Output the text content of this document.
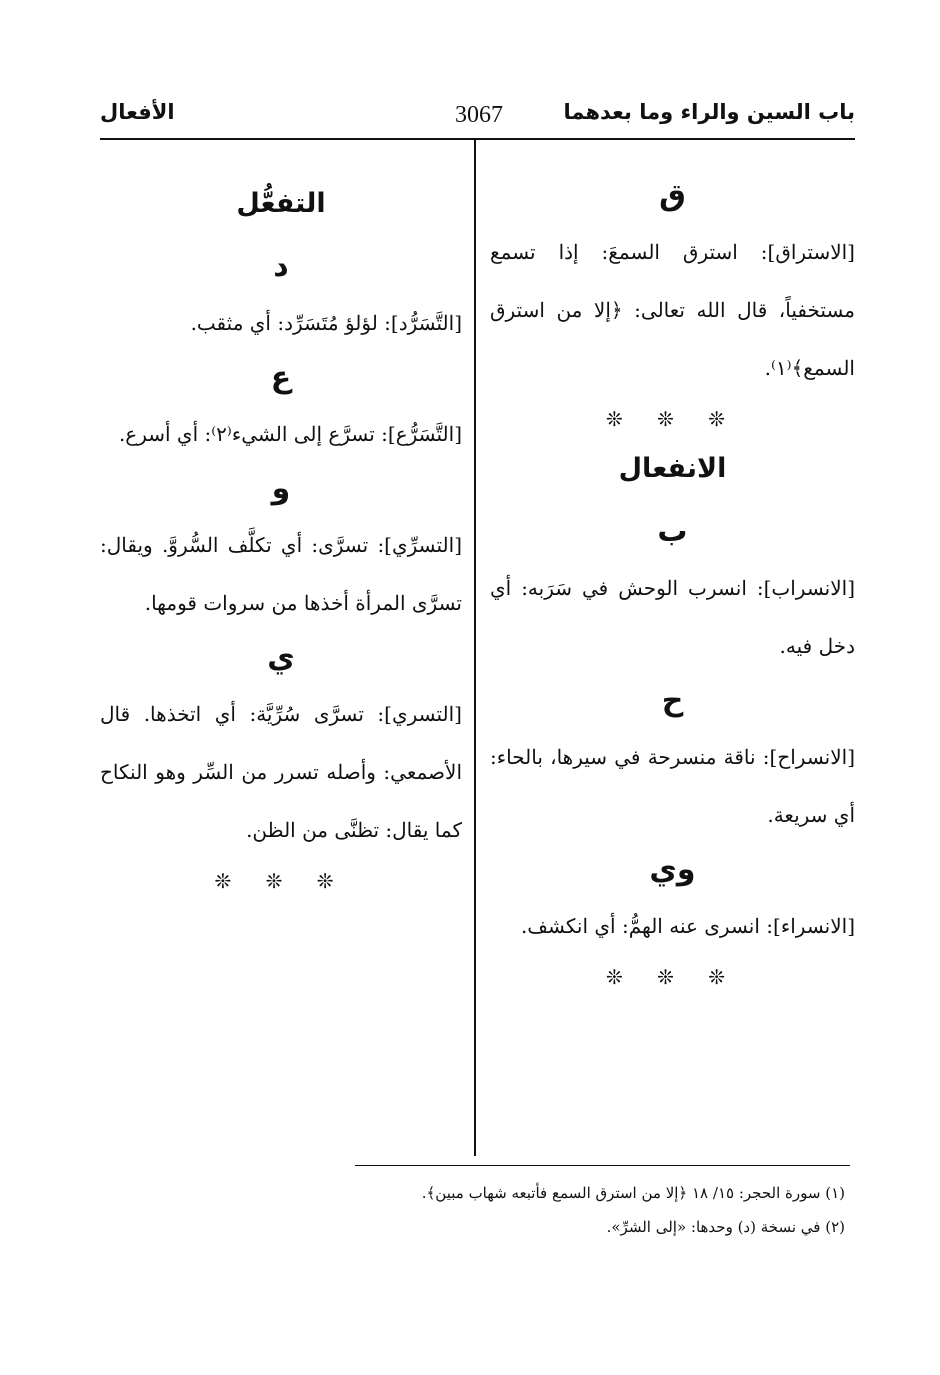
باب السين والراء وما بعدهما
3067
الأفعال
ق

[الاستراق]: استرق السمعَ: إذا تسمع مستخفياً، قال الله تعالى: ﴿إلا من استرق السمع﴾⁽١⁾.

❊ ❊ ❊
الانفعال
ب

[الانسراب]: انسرب الوحش في سَرَبه: أي دخل فيه.

ح

[الانسراح]: ناقة منسرحة في سيرها، بالحاء: أي سريعة.

وي

[الانسراء]: انسرى عنه الهمُّ: أي انكشف.

❊ ❊ ❊
التفعُّل
د

[التَّسَرُّد]: لؤلؤ مُتَسَرِّد: أي مثقب.

ع

[التَّسَرُّع]: تسرَّع إلى الشيء⁽٢⁾: أي أسرع.

و

[التسرِّي]: تسرَّى: أي تكلَّف السُّروَّ. ويقال: تسرَّى المرأة أخذها من سروات قومها.

ي

[التسري]: تسرَّى سُرِّيَّة: أي اتخذها. قال الأصمعي: وأصله تسرر من السِّر وهو النكاح كما يقال: تظنَّى من الظن.

❊ ❊ ❊

(١) سورة الحجر: ١٥/ ١٨ ﴿إلا من استرق السمع فأتبعه شهاب مبين﴾.

(٢) في نسخة (د) وحدها: «إلى الشرِّ».
